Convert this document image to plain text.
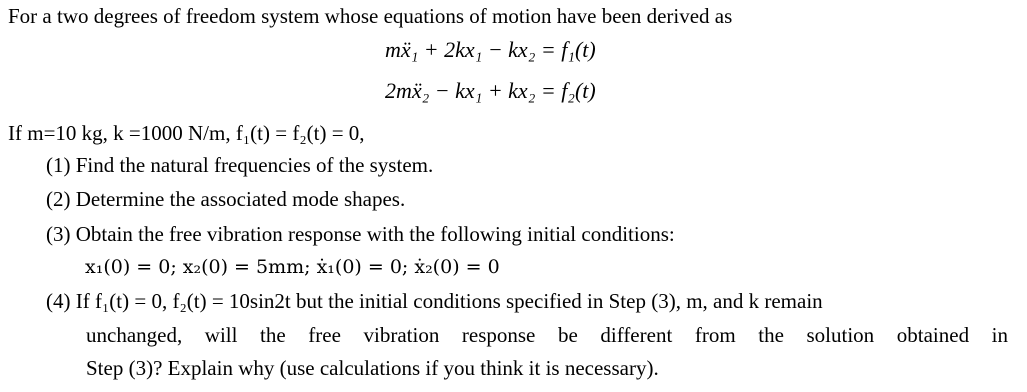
For a two degrees of freedom system whose equations of motion have been derived as
mẍ₁ + 2kx₁ − kx₂ = f₁(t)
2mẍ₂ − kx₁ + kx₂ = f₂(t)
If m=10 kg, k =1000 N/m, f₁(t) = f₂(t) = 0,
(1) Find the natural frequencies of the system.
(2) Determine the associated mode shapes.
(3) Obtain the free vibration response with the following initial conditions:
x₁(0) = 0; x₂(0) = 5mm; ẋ₁(0) = 0; ẋ₂(0) = 0
(4) If f₁(t) = 0, f₂(t) = 10sin2t but the initial conditions specified in Step (3), m, and k remain
unchanged, will the free vibration response be different from the solution obtained in
Step (3)? Explain why (use calculations if you think it is necessary).
